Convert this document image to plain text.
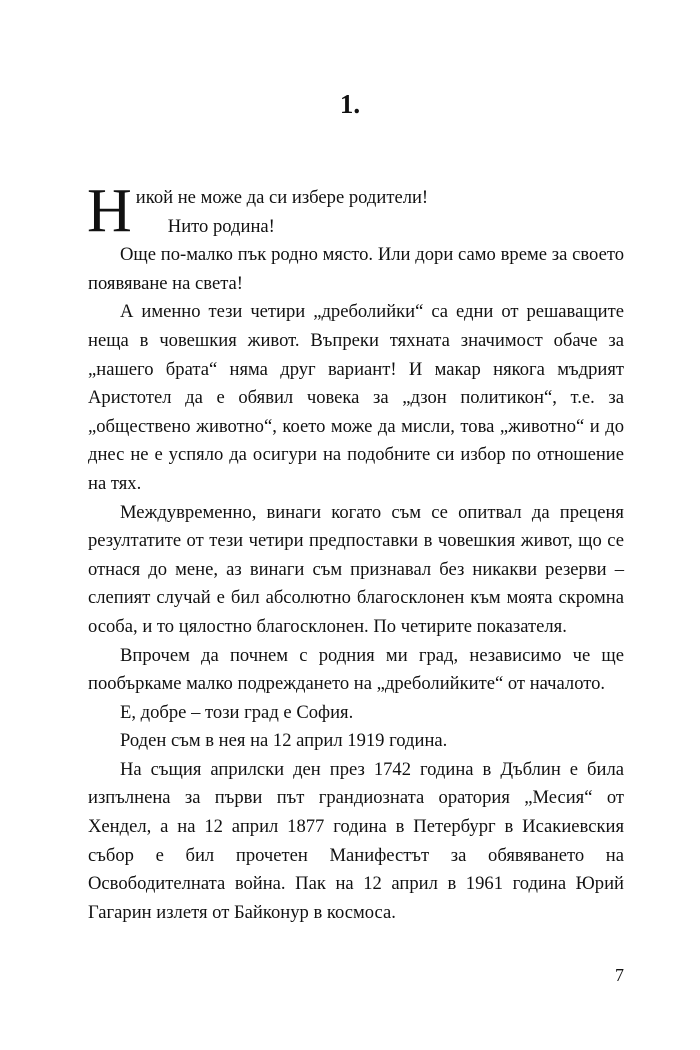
1.

Никой не може да си избере родители!

Нито родина!

Още по-малко пък родно място. Или дори само време за своето появяване на света!

А именно тези четири „дреболийки“ са едни от решаващите неща в човешкия живот. Въпреки тяхната значимост обаче за „нашего брата“ няма друг вариант! И макар някога мъдрият Аристотел да е обявил човека за „дзон политикон“, т.е. за „обществено животно“, което може да мисли, това „животно“ и до днес не е успяло да осигури на подобните си избор по отношение на тях.

Междувременно, винаги когато съм се опитвал да преценя резултатите от тези четири предпоставки в човешкия живот, що се отнася до мене, аз винаги съм признавал без никакви резерви – слепият случай е бил абсолютно благосклонен към моята скромна особа, и то цялостно благосклонен. По четирите показателя.

Впрочем да почнем с родния ми град, независимо че ще пообъркаме малко подреждането на „дреболийките“ от началото.

Е, добре – този град е София.

Роден съм в нея на 12 април 1919 година.

На същия априлски ден през 1742 година в Дъблин е била изпълнена за първи път грандиозната оратория „Месия“ от Хендел, а на 12 април 1877 година в Петербург в Исакиевския събор е бил прочетен Манифестът за обявяването на Освободителната война. Пак на 12 април в 1961 година Юрий Гагарин излетя от Байконур в космоса.

7
